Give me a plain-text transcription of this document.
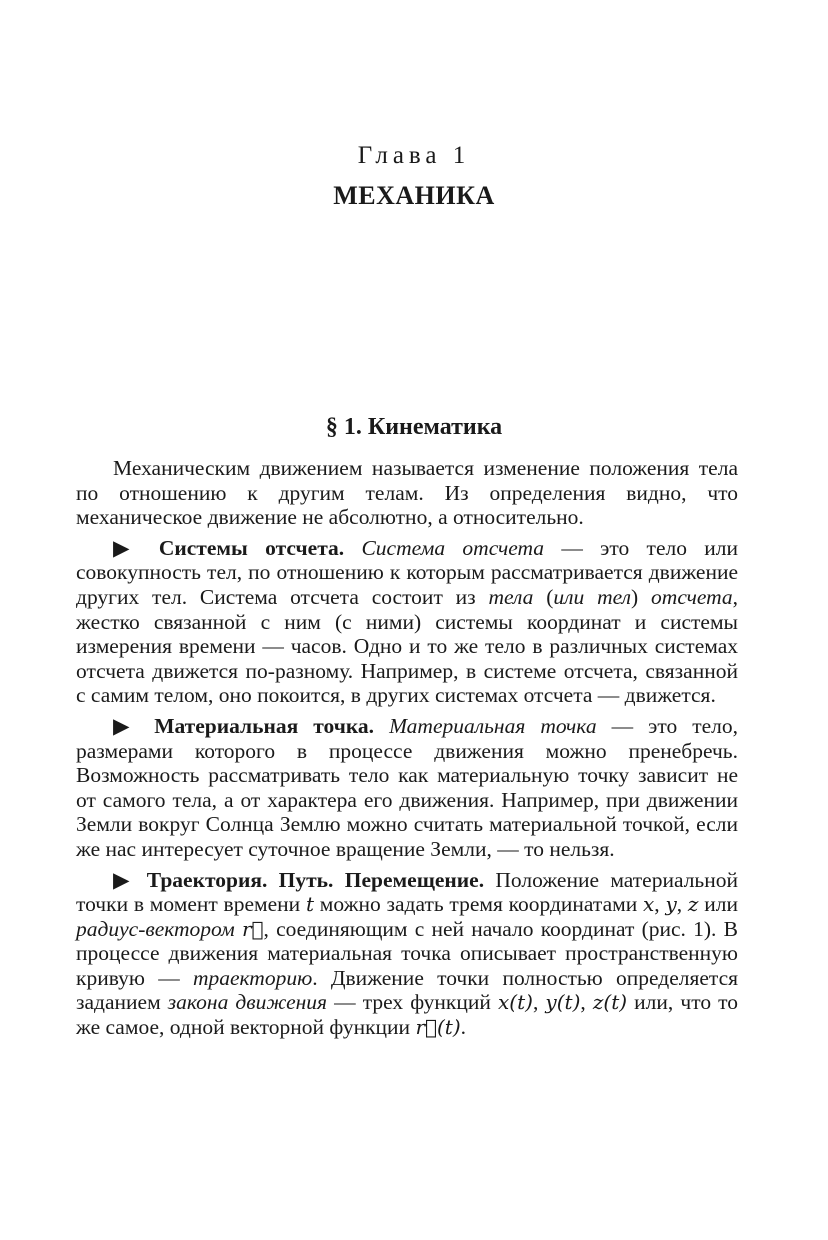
Глава 1
МЕХАНИКА
§ 1. Кинематика

Механическим движением называется изменение положения тела по отношению к другим телам. Из определения видно, что механическое движение не абсолютно, а относительно.

▶ Системы отсчета. Система отсчета — это тело или совокупность тел, по отношению к которым рассматривается движение других тел. Система отсчета состоит из тела (или тел) отсчета, жестко связанной с ним (с ними) системы координат и системы измерения времени — часов. Одно и то же тело в различных системах отсчета движется по-разному. Например, в системе отсчета, связанной с самим телом, оно покоится, в других системах отсчета — движется.

▶ Материальная точка. Материальная точка — это тело, размерами которого в процессе движения можно пренебречь. Возможность рассматривать тело как материальную точку зависит не от самого тела, а от характера его движения. Например, при движении Земли вокруг Солнца Землю можно считать материальной точкой, если же нас интересует суточное вращение Земли, — то нельзя.

▶ Траектория. Путь. Перемещение. Положение материальной точки в момент времени t можно задать тремя координатами x, y, z или радиус-вектором r⃗, соединяющим с ней начало координат (рис. 1). В процессе движения материальная точка описывает пространственную кривую — траекторию. Движение точки полностью определяется заданием закона движения — трех функций x(t), y(t), z(t) или, что то же самое, одной векторной функции r⃗(t).
